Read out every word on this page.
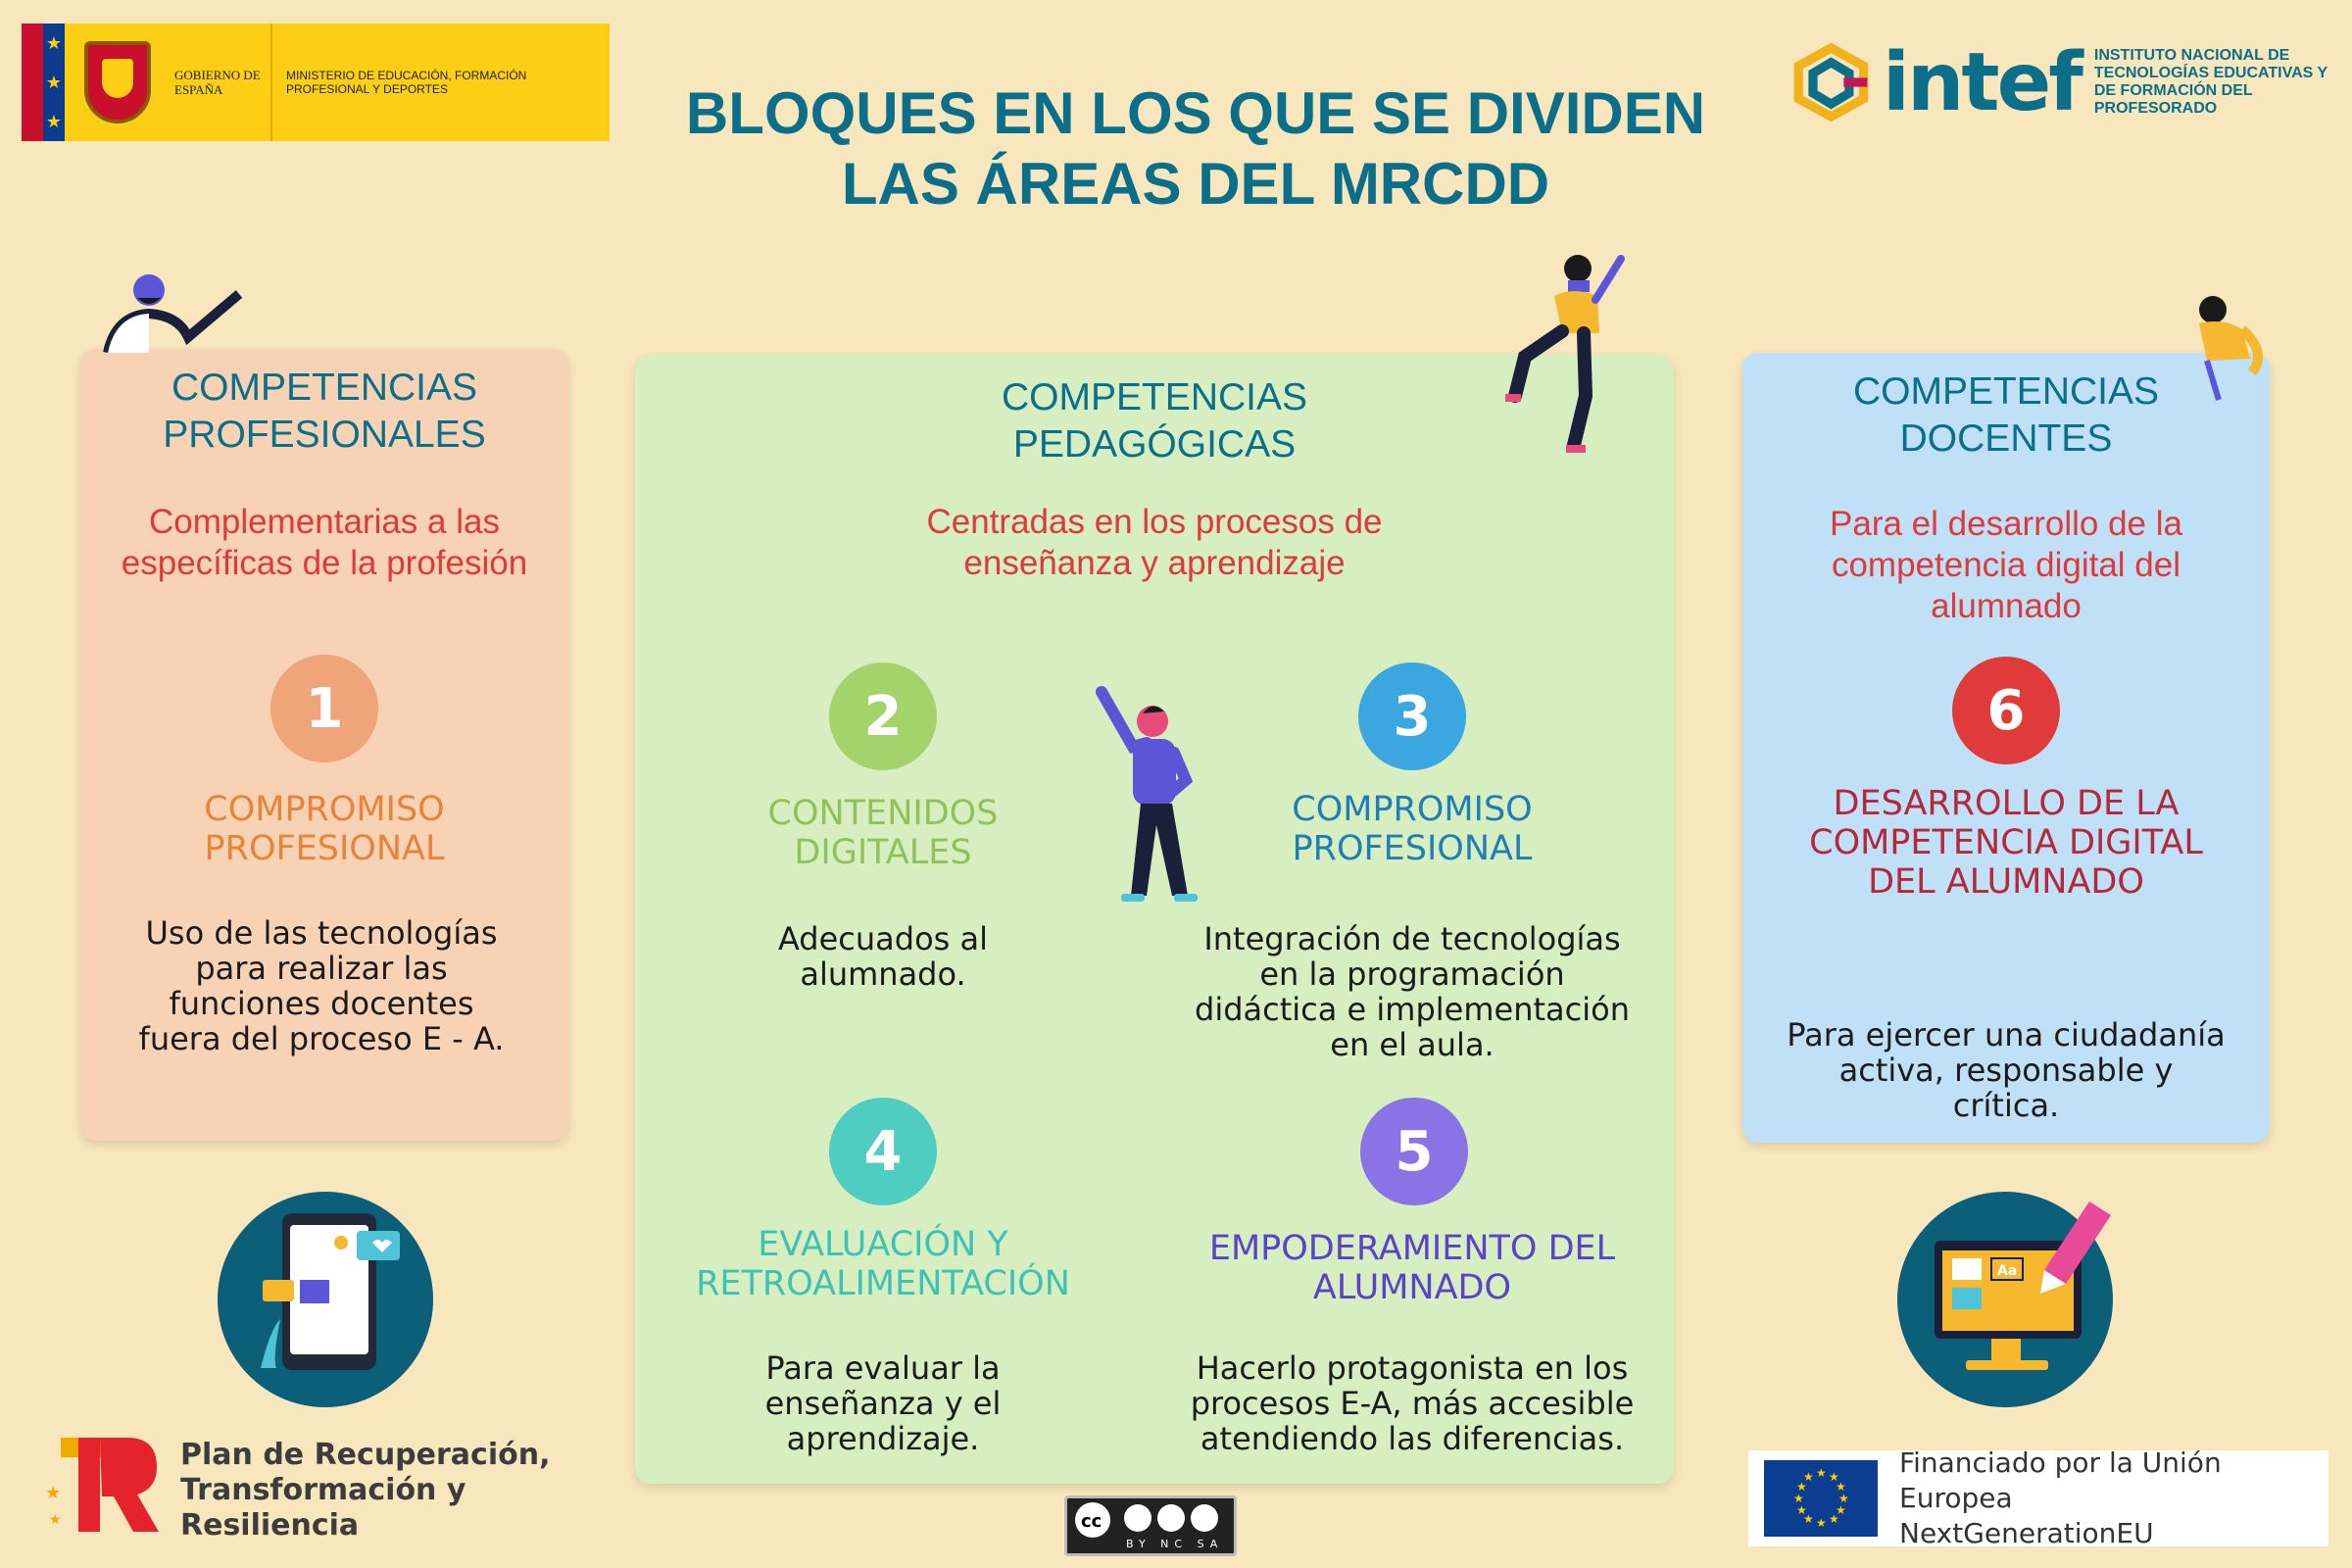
★
★
★
GOBIERNO DE ESPAÑA
MINISTERIO DE EDUCACIÓN, FORMACIÓN PROFESIONAL Y DEPORTES	intef INSTITUTO NACIONAL DE TECNOLOGÍAS EDUCATIVAS Y DE FORMACIÓN DEL PROFESORADO
BLOQUES EN LOS QUE SE DIVIDEN
LAS ÁREAS DEL MRCDD
COMPETENCIAS
PROFESIONALES
Complementarias a las específicas de la profesión
1
COMPROMISO PROFESIONAL
Uso de las tecnologías para realizar las funciones docentes fuera del proceso E - A.
COMPETENCIAS
PEDAGÓGICAS
Centradas en los procesos de enseñanza y aprendizaje
2
CONTENIDOS DIGITALES
Adecuados al alumnado.
3
COMPROMISO PROFESIONAL
Integración de tecnologías en la programación didáctica e implementación en el aula.
4
EVALUACIÓN Y RETROALIMENTACIÓN
Para evaluar la enseñanza y el aprendizaje.
5
EMPODERAMIENTO DEL ALUMNADO
Hacerlo protagonista en los procesos E-A, más accesible atendiendo las diferencias.
COMPETENCIAS
DOCENTES
Para el desarrollo de la competencia digital del alumnado
6
DESARROLLO DE LA COMPETENCIA DIGITAL DEL ALUMNADO
Para ejercer una ciudadanía activa, responsable y crítica.
Aa
Plan de Recuperación,
Transformación y Resiliencia	cc
BY NC SA
★ ★
★
★
★
★
★
★
★
★
★
★	Financiado por la Unión Europea
NextGenerationEU
